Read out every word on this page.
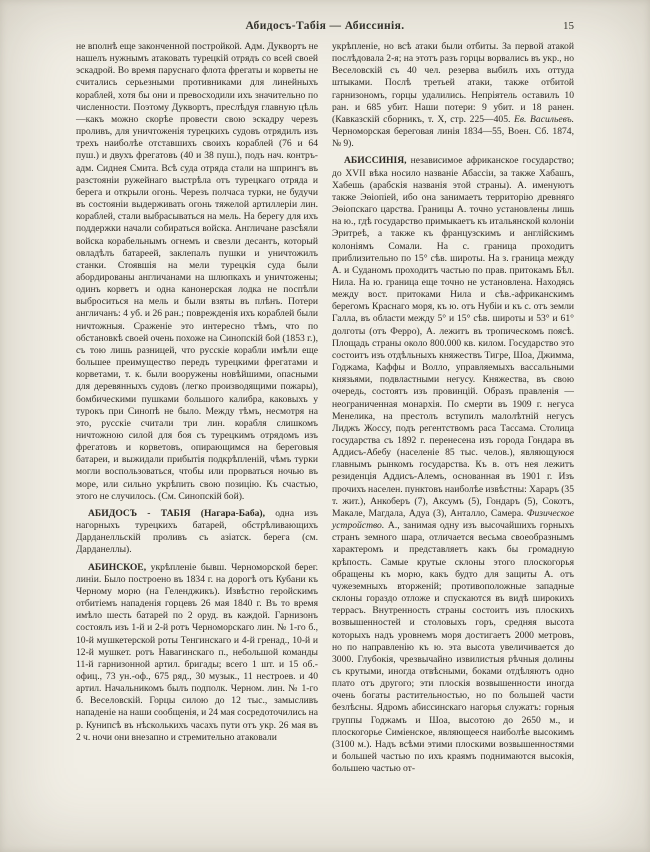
Абидосъ-Табія — Абиссинія.	15

не вполнѣ еще законченной постройкой. Адм. Дуквортъ не нашелъ нужнымъ атаковать турецкій отрядъ со всей своей эскадрой. Во время паруснаго флота фрегаты и корветы не считались серьезными противниками для линейныхъ кораблей, хотя бы они и превосходили ихъ значительно по численности. Поэтому Дуквортъ, преслѣдуя главную цѣль—какъ можно скорѣе провести свою эскадру черезъ проливъ, для уничтоженія турецкихъ судовъ отрядилъ изъ трехъ наиболѣе отставшихъ своихъ кораблей (76 и 64 пуш.) и двухъ фрегатовъ (40 и 38 пуш.), подъ нач. контръ-адм. Сиднея Смита. Всѣ суда отряда стали на шпрингъ въ разстояніи ружейнаго выстрѣла отъ турецкаго отряда и берега и открыли огонь. Черезъ полчаса турки, не будучи въ состояніи выдерживать огонь тяжелой артиллеріи лин. кораблей, стали выбрасываться на мель. На берегу для ихъ поддержки начали собираться войска. Англичане разсѣяли войска корабельнымъ огнемъ и свезли десантъ, который овладѣлъ батареей, заклепалъ пушки и уничтожилъ станки. Стоявшія на мели турецкія суда были абордированы англичанами на шлюпкахъ и уничтожены; одинъ корветъ и одна канонерская лодка не поспѣли выброситься на мель и были взяты въ плѣнъ. Потери англичанъ: 4 уб. и 26 ран.; поврежденія ихъ кораблей были ничтожныя. Сраженіе это интересно тѣмъ, что по обстановкѣ своей очень похоже на Синопскій бой (1853 г.), съ тою лишь разницей, что русскіе корабли имѣли еще большее преимущество передъ турецкими фрегатами и корветами, т. к. были вооружены новѣйшими, опасными для деревянныхъ судовъ (легко производящими пожары), бомбическими пушками большого калибра, каковыхъ у турокъ при Синопѣ не было. Между тѣмъ, несмотря на это, русскіе считали три лин. корабля слишкомъ ничтожною силой для боя съ турецкимъ отрядомъ изъ фрегатовъ и корветовъ, опирающимся на береговыя батареи, и выжидали прибытія подкрѣпленій, чѣмъ турки могли воспользоваться, чтобы или прорваться ночью въ море, или сильно укрѣпить свою позицію. Къ счастью, этого не случилось. (См. Синопскій бой).

АБИДОСЪ - ТАБІЯ (Нагара-Баба), одна изъ нагорныхъ турецкихъ батарей, обстрѣливающихъ Дарданелльскій проливъ съ азіатск. берега (см. Дарданеллы).

АБИНСКОЕ, укрѣпленіе бывш. Черноморской берег. линіи. Было построено въ 1834 г. на дорогѣ отъ Кубани къ Черному морю (на Геленджикъ). Извѣстно геройскимъ отбитіемъ нападенія горцевъ 26 мая 1840 г. Въ то время имѣло шесть батарей по 2 оруд. въ каждой. Гарнизонъ состоялъ изъ 1-й и 2-й ротъ Черноморскаго лин. № 1-го б., 10-й мушкетерской роты Тенгинскаго и 4-й гренад., 10-й и 12-й мушкет. ротъ Навагинскаго п., небольшой команды 11-й гарнизонной артил. бригады; всего 1 шт. и 15 об.-офиц., 73 ун.-оф., 675 ряд., 30 музык., 11 нестроев. и 40 артил. Начальникомъ былъ подполк. Черном. лин. № 1-го б. Веселовскій. Горцы силою до 12 тыс., замысливъ нападеніе на наши сообщенія, и 24 мая сосредоточились на р. Кунипсѣ въ нѣсколькихъ часахъ пути отъ укр. 26 мая въ 2 ч. ночи они внезапно и стремительно атаковали

укрѣпленіе, но всѣ атаки были отбиты. За первой атакой послѣдовала 2-я; на этотъ разъ горцы ворвались въ укр., но Веселовскій съ 40 чел. резерва выбилъ ихъ оттуда штыками. Послѣ третьей атаки, также отбитой гарнизономъ, горцы удалились. Непріятель оставилъ 10 ран. и 685 убит. Наши потери: 9 убит. и 18 ранен. (Кавказскій сборникъ, т. X, стр. 225—405. Ев. Васильевъ. Черноморская береговая линія 1834—55, Воен. Сб. 1874, № 9).

АБИССИНІЯ, независимое африканское государство; до XVII вѣка носило названіе Абассіи, за также Хабашъ, Хабешь (арабскія названія этой страны). А. именуютъ также Эѳіопіей, ибо она занимаетъ территорію древняго Эѳіопскаго царства. Границы А. точно установлены лишь на ю., гдѣ государство примыкаетъ къ итальянской колоніи Эритреѣ, а также къ французскимъ и англійскимъ колоніямъ Сомали. На с. граница проходитъ приблизительно по 15° сѣв. широты. На з. граница между А. и Суданомъ проходитъ частью по прав. притокамъ Бѣл. Нила. На ю. граница еще точно не установлена. Находясь между вост. притоками Нила и сѣв.-африканскимъ берегомъ Краснаго моря, къ ю. отъ Нубіи и къ с. отъ земли Галла, въ области между 5° и 15° сѣв. широты и 53° и 61° долготы (отъ Ферро), А. лежитъ въ тропическомъ поясѣ. Площадь страны около 800.000 кв. килом. Государство это состоитъ изъ отдѣльныхъ княжествъ Тигре, Шоа, Джимма, Годжама, Каффы и Волло, управляемыхъ вассальными князьями, подвластными негусу. Княжества, въ свою очередь, состоятъ изъ провинцій. Образъ правленія — неограниченная монархія. По смерти въ 1909 г. негуса Менелика, на престолъ вступилъ малолѣтній негусъ Лиджъ Жоссу, подъ регентствомъ раса Тассама. Столица государства съ 1892 г. перенесена изъ города Гондара въ Аддисъ-Абебу (населеніе 85 тыс. челов.), являющуюся главнымъ рынкомъ государства. Къ в. отъ нея лежитъ резиденція Аддисъ-Алемъ, основанная въ 1901 г. Изъ прочихъ населен. пунктовъ наиболѣе извѣстны: Хараръ (35 т. жит.), Анкоберъ (7), Аксумъ (5), Гондаръ (5), Сокотъ, Макале, Магдала, Адуа (3), Анталло, Самера. Физическое устройство. А., занимая одну изъ высочайшихъ горныхъ странъ земного шара, отличается весьма своеобразнымъ характеромъ и представляетъ какъ бы громадную крѣпость. Самые крутые склоны этого плоскогорья обращены къ морю, какъ будто для защиты А. отъ чужеземныхъ вторженій; противоположные западные склоны гораздо отложе и спускаются въ видѣ широкихъ террасъ. Внутренность страны состоитъ изъ плоскихъ возвышенностей и столовыхъ горъ, средняя высота которыхъ надъ уровнемъ моря достигаетъ 2000 метровъ, но по направленію къ ю. эта высота увеличивается до 3000. Глубокія, чрезвычайно извилистыя рѣчныя долины съ крутыми, иногда отвѣсными, боками отдѣляютъ одно плато отъ другого; эти плоскія возвышенности иногда очень богаты растительностью, но по большей части безлѣсны. Ядромъ абиссинскаго нагорья служатъ: горныя группы Годжамъ и Шоа, высотою до 2650 м., и плоскогорье Симіенское, являющееся наиболѣе высокимъ (3100 м.). Надъ всѣми этими плоскими возвышенностями и большей частью по ихъ краямъ поднимаются высокія, большею частью от-
